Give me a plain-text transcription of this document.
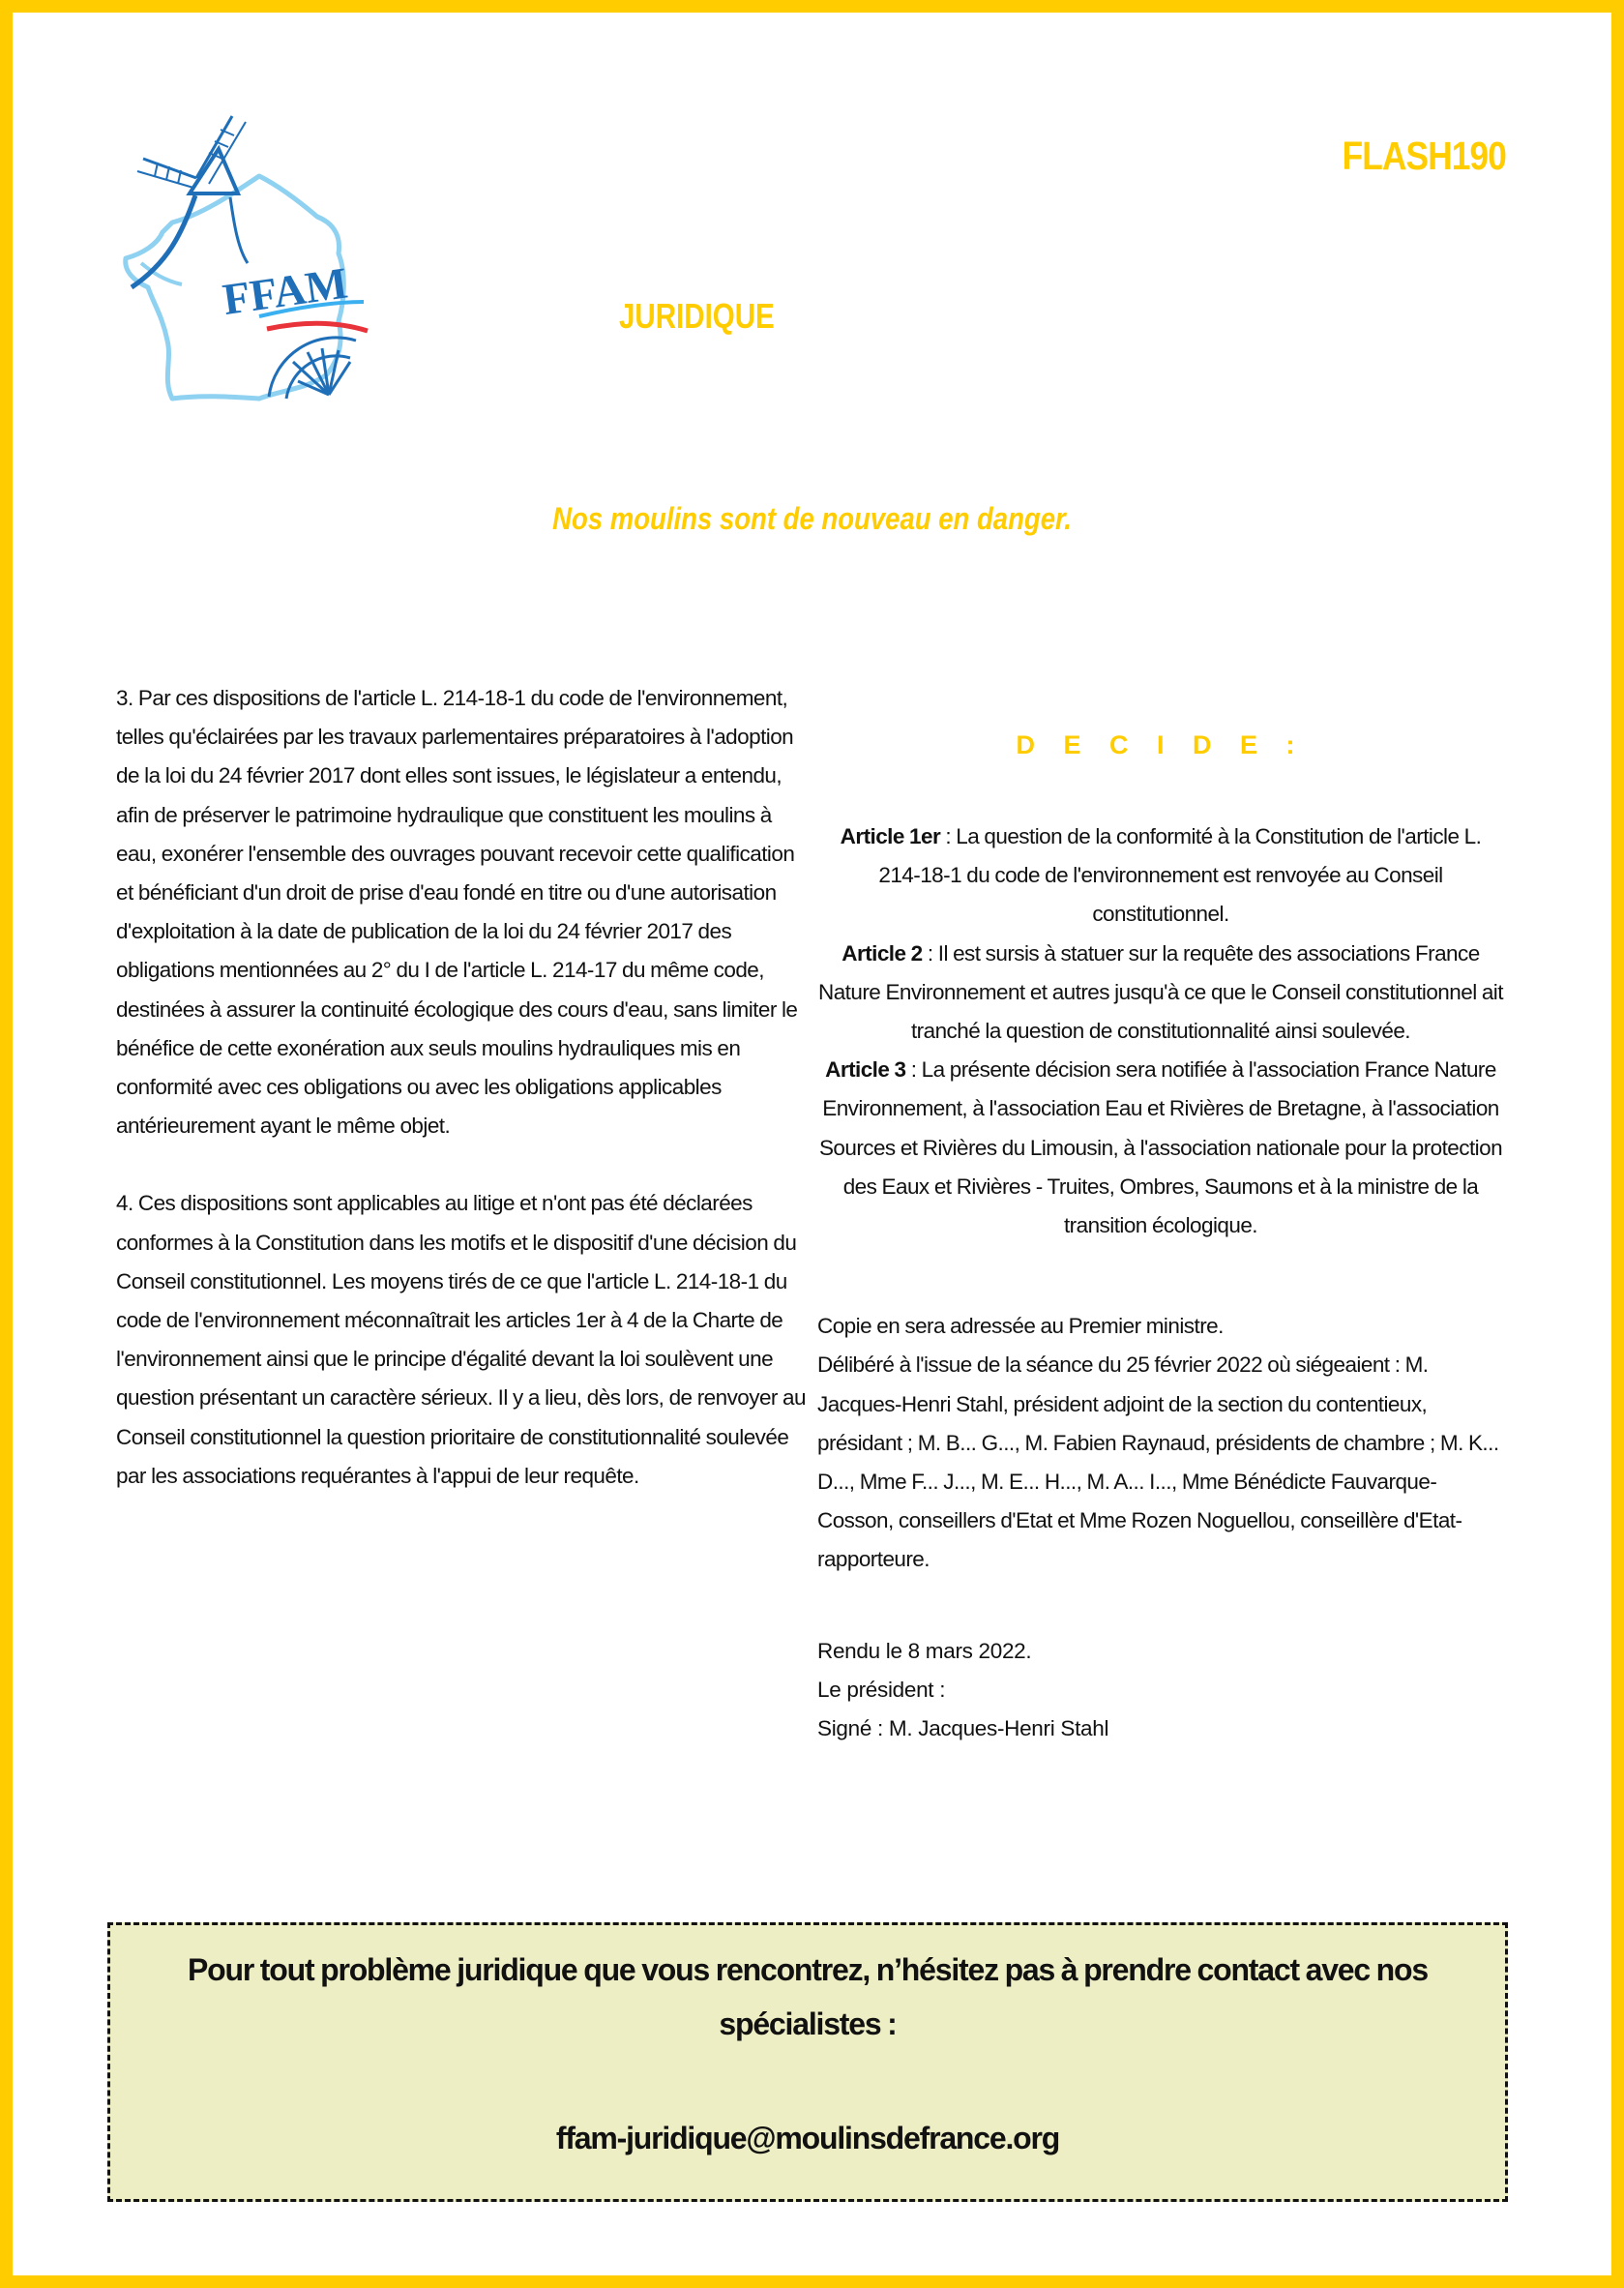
FFAM
FLASH190
JURIDIQUE
Nos moulins sont de nouveau en danger.

3. Par ces dispositions de l'article L. 214-18-1 du code de l'environnement, telles qu'éclairées par les travaux parlementaires préparatoires à l'adoption de la loi du 24 février 2017 dont elles sont issues, le législateur a entendu, afin de préserver le patrimoine hydraulique que constituent les moulins à eau, exonérer l'ensemble des ouvrages pouvant recevoir cette qualification et bénéficiant d'un droit de prise d'eau fondé en titre ou d'une autorisation d'exploitation à la date de publication de la loi du 24 février 2017 des obligations mentionnées au 2° du I de l'article L. 214-17 du même code, destinées à assurer la continuité écologique des cours d'eau, sans limiter le bénéfice de cette exonération aux seuls moulins hydrauliques mis en conformité avec ces obligations ou avec les obligations applicables antérieurement ayant le même objet.

4. Ces dispositions sont applicables au litige et n'ont pas été déclarées conformes à la Constitution dans les motifs et le dispositif d'une décision du Conseil constitutionnel. Les moyens tirés de ce que l'article L. 214-18-1 du code de l'environnement méconnaîtrait les articles 1er à 4 de la Charte de l'environnement ainsi que le principe d'égalité devant la loi soulèvent une question présentant un caractère sérieux. Il y a lieu, dès lors, de renvoyer au Conseil constitutionnel la question prioritaire de constitutionnalité soulevée par les associations requérantes à l'appui de leur requête.

D E C I D E :

Article 1er : La question de la conformité à la Constitution de l'article L. 214-18-1 du code de l'environnement est renvoyée au Conseil constitutionnel.

Article 2 : Il est sursis à statuer sur la requête des associations France Nature Environnement et autres jusqu'à ce que le Conseil constitutionnel ait tranché la question de constitutionnalité ainsi soulevée.

Article 3 : La présente décision sera notifiée à l'association France Nature Environnement, à l'association Eau et Rivières de Bretagne, à l'association Sources et Rivières du Limousin, à l'association nationale pour la protection des Eaux et Rivières - Truites, Ombres, Saumons et à la ministre de la transition écologique.

Copie en sera adressée au Premier ministre.
Délibéré à l'issue de la séance du 25 février 2022 où siégeaient : M. Jacques-Henri Stahl, président adjoint de la section du contentieux, présidant ; M. B... G..., M. Fabien Raynaud, présidents de chambre ; M. K... D..., Mme F... J..., M. E... H..., M. A... I..., Mme Bénédicte Fauvarque-Cosson, conseillers d'Etat et Mme Rozen Noguellou, conseillère d'Etat-rapporteure.
Rendu le 8 mars 2022.
Le président :
Signé : M. Jacques-Henri Stahl
Pour tout problème juridique que vous rencontrez, n’hésitez pas à prendre contact avec nos spécialistes :
ffam-juridique@moulinsdefrance.org
